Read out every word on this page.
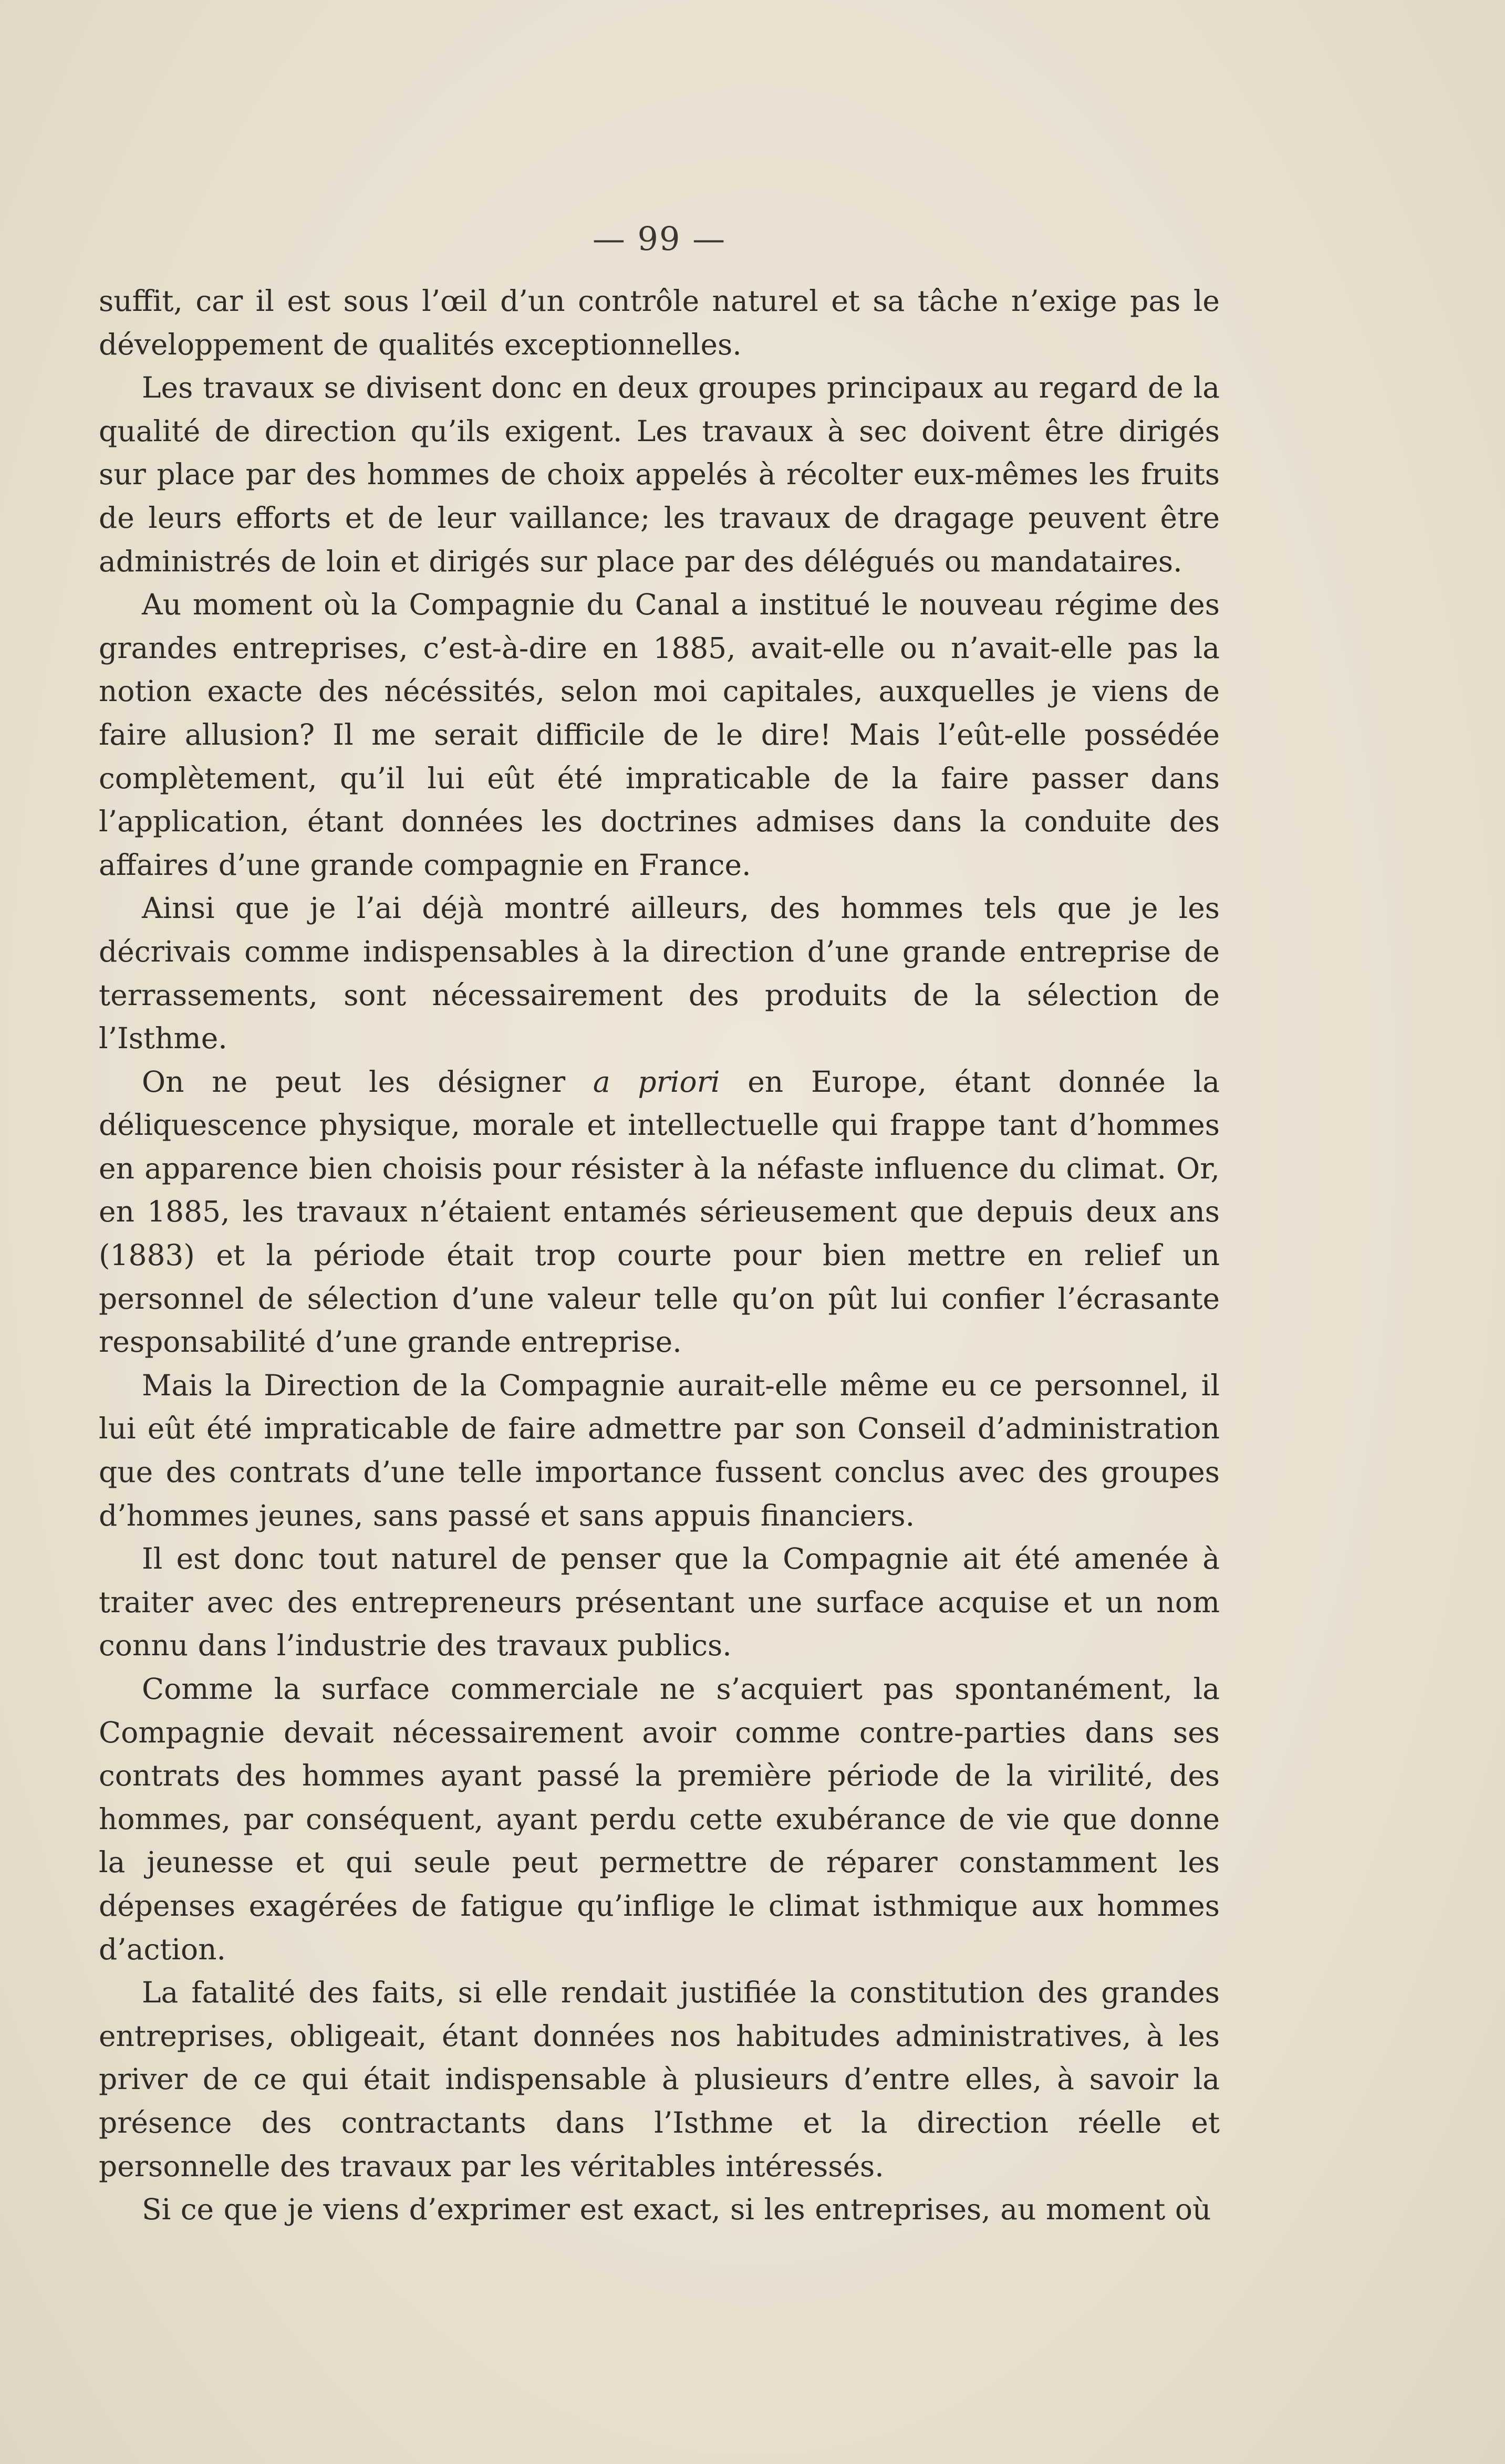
— 99 —

suffit, car il est sous l’œil d’un contrôle naturel et sa tâche n’exige pas le développement de qualités exceptionnelles.

Les travaux se divisent donc en deux groupes principaux au regard de la qualité de direction qu’ils exigent. Les travaux à sec doivent être dirigés sur place par des hommes de choix appelés à récolter eux-mêmes les fruits de leurs efforts et de leur vaillance; les travaux de dragage peuvent être administrés de loin et dirigés sur place par des délégués ou mandataires.

Au moment où la Compagnie du Canal a institué le nouveau régime des grandes entreprises, c’est-à-dire en 1885, avait-elle ou n’avait-elle pas la notion exacte des nécéssités, selon moi capitales, auxquelles je viens de faire allusion? Il me serait difficile de le dire! Mais l’eût-elle possédée complètement, qu’il lui eût été impraticable de la faire passer dans l’application, étant données les doctrines admises dans la conduite des affaires d’une grande compagnie en France.

Ainsi que je l’ai déjà montré ailleurs, des hommes tels que je les décrivais comme indispensables à la direction d’une grande entreprise de terrassements, sont nécessairement des produits de la sélection de l’Isthme.

On ne peut les désigner a priori en Europe, étant donnée la déliquescence physique, morale et intellectuelle qui frappe tant d’hommes en apparence bien choisis pour résister à la néfaste influence du climat. Or, en 1885, les travaux n’étaient entamés sérieusement que depuis deux ans (1883) et la période était trop courte pour bien mettre en relief un personnel de sélection d’une valeur telle qu’on pût lui confier l’écrasante responsabilité d’une grande entreprise.

Mais la Direction de la Compagnie aurait-elle même eu ce personnel, il lui eût été impraticable de faire admettre par son Conseil d’administration que des contrats d’une telle importance fussent conclus avec des groupes d’hommes jeunes, sans passé et sans appuis financiers.

Il est donc tout naturel de penser que la Compagnie ait été amenée à traiter avec des entrepreneurs présentant une surface acquise et un nom connu dans l’industrie des travaux publics.

Comme la surface commerciale ne s’acquiert pas spontanément, la Compagnie devait nécessairement avoir comme contre-parties dans ses contrats des hommes ayant passé la première période de la virilité, des hommes, par conséquent, ayant perdu cette exubérance de vie que donne la jeunesse et qui seule peut permettre de réparer constamment les dépenses exagérées de fatigue qu’inflige le climat isthmique aux hommes d’action.

La fatalité des faits, si elle rendait justifiée la constitution des grandes entreprises, obligeait, étant données nos habitudes administratives, à les priver de ce qui était indispensable à plusieurs d’entre elles, à savoir la présence des contractants dans l’Isthme et la direction réelle et personnelle des travaux par les véritables intéressés.

Si ce que je viens d’exprimer est exact, si les entreprises, au moment où
